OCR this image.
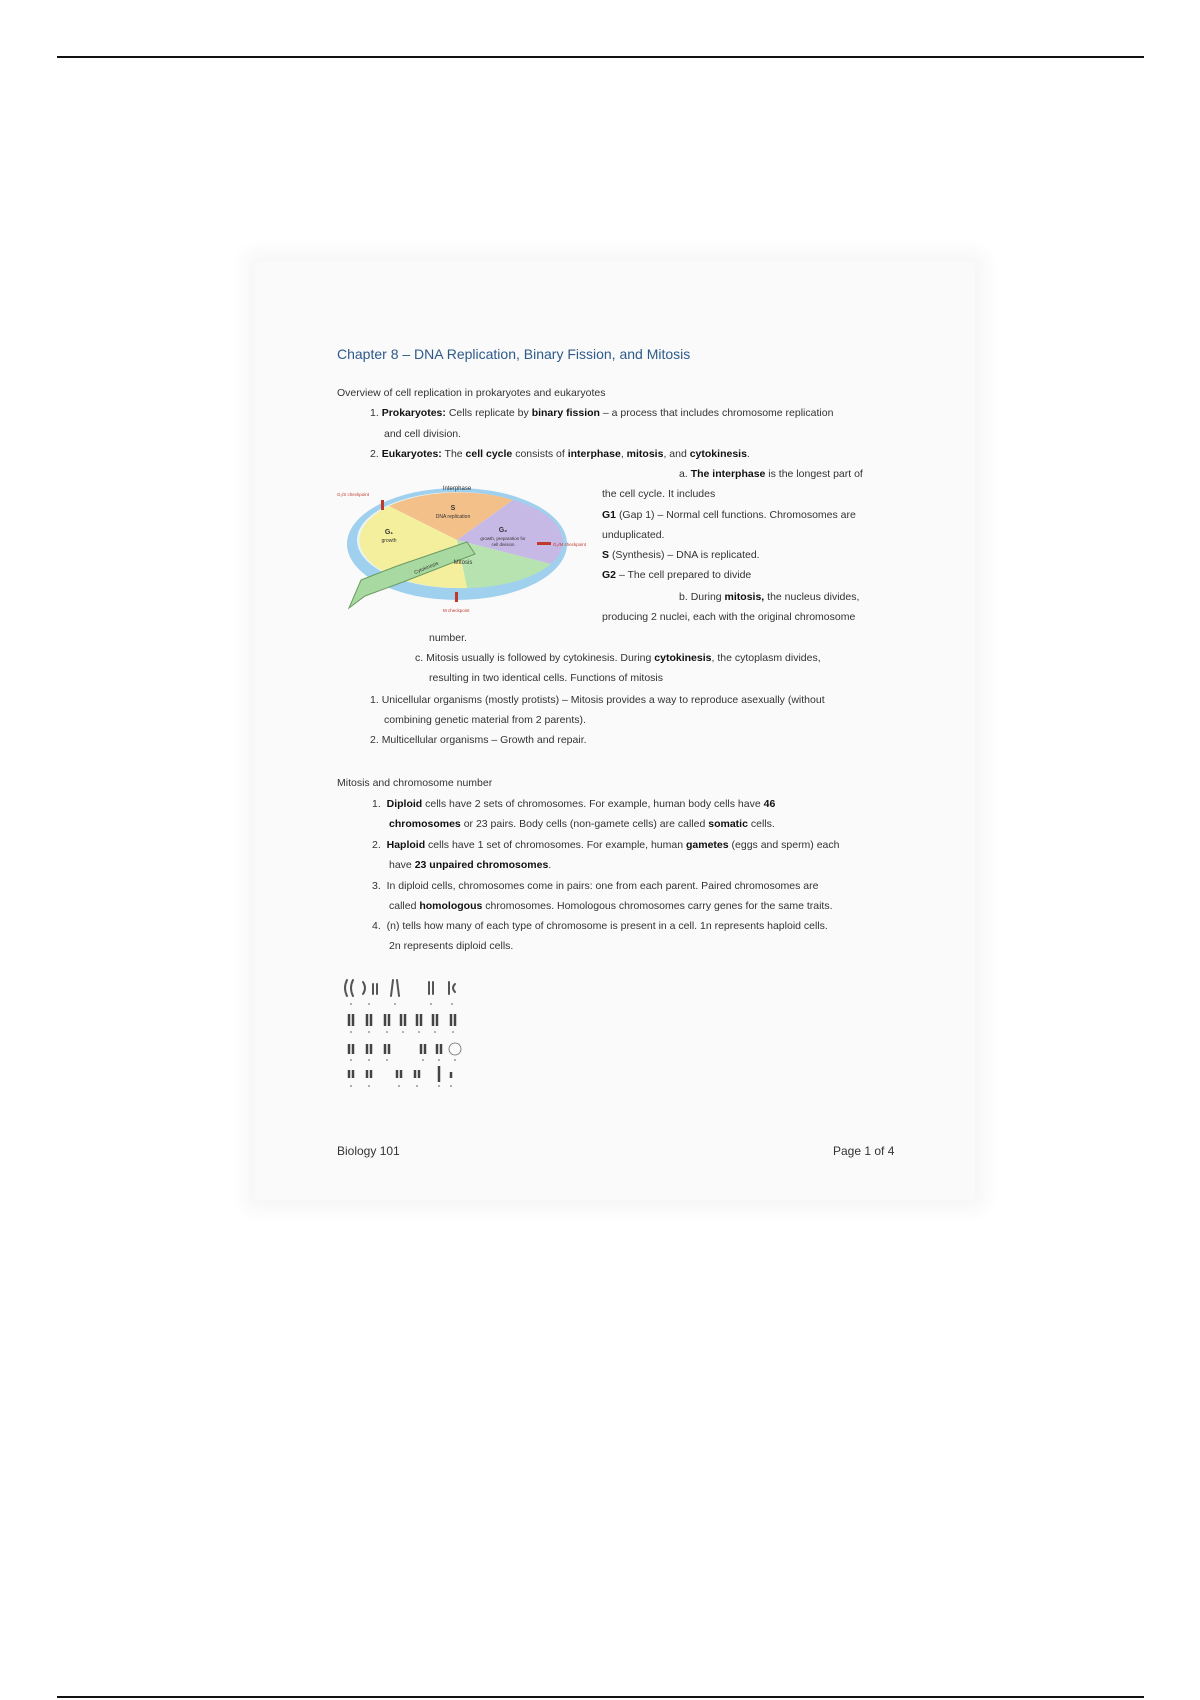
Chapter 8 – DNA Replication, Binary Fission, and Mitosis
Overview of cell replication in prokaryotes and eukaryotes
1. Prokaryotes: Cells replicate by binary fission – a process that includes chromosome replication
and cell division.
2. Eukaryotes: The cell cycle consists of interphase, mitosis, and cytokinesis.
a. The interphase is the longest part of
the cell cycle. It includes
G1 (Gap 1) – Normal cell functions. Chromosomes are
unduplicated.
S (Synthesis) – DNA is replicated.
G2 – The cell prepared to divide
b. During mitosis, the nucleus divides,
producing 2 nuclei, each with the original chromosome
number.
c. Mitosis usually is followed by cytokinesis. During cytokinesis, the cytoplasm divides,
resulting in two identical cells. Functions of mitosis
1. Unicellular organisms (mostly protists) – Mitosis provides a way to reproduce asexually (without
combining genetic material from 2 parents).
2. Multicellular organisms – Growth and repair.
Mitosis and chromosome number
1. Diploid cells have 2 sets of chromosomes. For example, human body cells have 46
chromosomes or 23 pairs. Body cells (non-gamete cells) are called somatic cells.
2. Haploid cells have 1 set of chromosomes. For example, human gametes (eggs and sperm) each
have 23 unpaired chromosomes.
3. In diploid cells, chromosomes come in pairs: one from each parent. Paired chromosomes are
called homologous chromosomes. Homologous chromosomes carry genes for the same traits.
4. (n) tells how many of each type of chromosome is present in a cell. 1n represents haploid cells.
2n represents diploid cells.
Interphase
S
DNA replication
G₁
growth
G₂
growth, preparation for
cell division
Mitosis
Cytokinesis
G₁/S checkpoint
G₂/M checkpoint
M checkpoint
Biology 101	Page 1 of 4
